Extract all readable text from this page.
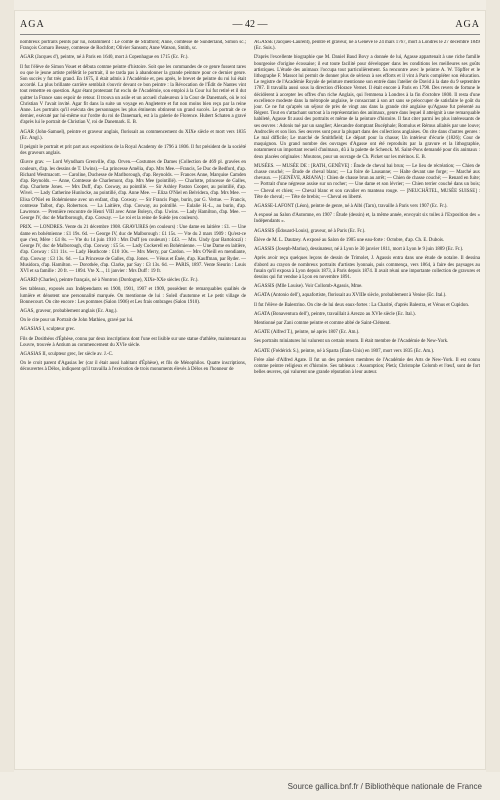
AGA	— 42 —	AGA

nombreux portraits peints par lui, notamment : Le comte de Strafford; Anne, comtesse de Sunderland, Simon sc.; François Cornaro Bessey, comtesse de Rochfort; Olivier Sansom; Anne Watson, Smith, sc.

AGAR (Jacques d'), peintre, né à Paris en 1640, mort à Copenhague en 1715 (Ec. Fr.).

Il fut l'élève de Simon Vouet et débuta comme peintre d'histoire. Soit que les commandes de ce genre fussent rares ou que le jeune artiste préférât le portrait, il ne tarda pas à abandonner la grande peinture pour ce dernier genre. Son succès y fut très grand. En 1675, il était admis à l'Académie et, peu après, le brevet de peintre du roi lui était accordé. La plus brillante carrière semblait s'ouvrir devant ce bon peintre : la Révocation de l'Édit de Nantes vint tout remettre en question. Agar étant protestant fut exclu de l'Académie, son emploi à la Cour lui fut retiré et il dut quitter la France sans espoir de retour. Il trouva un asile et un accueil chaleureux à la Cour de Danemark, où le roi Christian V l'avait invité. Agar fit dans la suite un voyage en Angleterre et fut non moins bien reçu par la reine Anne. Les portraits qu'il exécuta des personnages les plus éminents obtinrent un grand succès. Le portrait de ce dernier, exécuté par lui-même sur l'ordre du roi de Danemark, est à la galerie de Florence. Hubert Schaten a gravé d'après lui le portrait de Christian V, roi de Danemark. E. B.

AGAR (John-Samuel), peintre et graveur anglais, florissait au commencement du XIXe siècle et mort vers 1835 (Ec. Angl.).

Il peignit le portrait et prit part aux expositions de la Royal Academy de 1796 à 1806. Il fut président de la société des graveurs anglais.

Œuvre grav. — Lord Wyndham Grenville, d'ap. Orven.—Costumes de Dames (Collection de 469 pl. gravées en couleurs, d'ap. les dessins de T. Uwins).—La princesse Amélia, d'ap. Mrs Mee.—Francis, 5e Duc de Bedford, d'ap. Richard Westmacott. — Caroline, Duchesse de Marlborough, d'ap. Reynolds. — Frances Anne, Marquise Camden d'ap. Reynolds. — Anne, Comtesse de Charlemont, d'ap. Mrs Mee (pointillé). — Charlotte, princesse de Galles, d'ap. Charlotte Jones. — Mrs Duff, d'ap. Cosway, au pointillé. — Sir Ashley Paston Cooper, au pointillé, d'ap. Wivel. — Lady Catherine Hunlocke, au pointillé, d'ap. Anne Mee. — Eliza O'Niel en Belvidera, d'ap. Mrs Mee. — Elisa O'Niel en Bohémienne avec un enfant, d'ap. Cosway. — Sir Francis Page, burin, par G. Vertue. — Francis, comtesse Talbot, d'ap. Robertson. — La Laitière, d'ap. Cosway, au pointillé. — Eulalie H.-L., au burin, d'ap. Lawrence. — Première rencontre de Henri VIII avec Anne Boleyn, d'ap. Uwins. — Lady Hamilton, d'ap. Mee. — George IV, duc de Marlborough, d'ap. Cosway. — Le roi et la reine de Suède (en couleurs).

PRIX. — LONDRES. Vente du 21 décembre 1908. GRAVURES (en couleurs) : Une dame en laitière : £1. — Une dame en bohémienne : £1 19s. 6d. — George IV, duc de Malborough : £1 15s. — Vte du 2 mars 1909 : Qu'est-ce que c'est, Mère : £4 8s. — Vte du 14 juin 1910 : Mrs Duff (en couleurs) : £43. — Mrs. Undy (par Bartolozzi) : George IV, duc de Malborough, d'ap. Cosway : £5 5s. — Lady Cockerell en Bohémienne. — Une Dame en laitière, d'ap. Cosway : £11 11s. — Lady Heathcote : £10 10s. — Mrs Merry, par Cardon. — Mrs O'Neill en mendiante, d'ap. Cosway : £3 13s. 6d. — La Princesse de Galles, d'ap. Jones. — Vénus et Énée, d'ap. Kauffman, par Ryder. — Musidora, d'ap. Hamilton. — Dorothée, d'ap. Clarke, par Say : £3 13s. 6d. — PARIS, 1897. Vente Sieurin : Louis XVI et sa famille : 20 fr. — 1894. Vte X..., 11 janvier : Mrs Duff : 19 fr.

AGARD (Charles), peintre français, né à Nontron (Dordogne), XIXe-XXe siècles (Ec. Fr.).

Ses tableaux, exposés aux Indépendants en 1900, 1901, 1907 et 1909, possèdent de remarquables qualités de lumière et dénotent une personnalité marquée. On mentionne de lui : Soleil d'automne et Le petit village de Bonnecourt. On cite encore : Les pommes (Salon 1906) et Les frais ombrages (Salon 1910).

AGAS, graveur, probablement anglais (Ec. Ang.).

On le cite pour un Portrait de John Mathieu, gravé par lui.

AGASIAS I, sculpteur grec.

Fils de Dosithéos d'Éphèse, connu par deux inscriptions dont l'une est lisible sur une statue d'athlète, maintenant au Louvre, trouvée à Antium au commencement du XVIe siècle.

AGASIAS II, sculpteur grec, Ier siècle av. J.-C.

On le croit parent d'Agasias Ier (car il était aussi habitant d'Éphèse), et fils de Ménophilos. Quatre inscriptions, découvertes à Délos, indiquent qu'il travailla à l'exécution de trois monuments élevés à Délos en l'honneur de

AGASSE (Jacques-Laurent), peintre et graveur, né à Genève le 24 mars 1767, mort à Londres le 27 décembre 1849 (Ec. Suis.).

D'après l'excellente biographie que M. Daniel Baud Bovy a donnée de lui, Agasse appartenait à une riche famille bourgeoise d'origine écossaise; il eut toute facilité pour développer dans les conditions les meilleures ses goûts artistiques. L'étude des animaux l'occupa tout particulièrement. Sa rencontre avec le peintre A. W. Töpffer et le lithographe F. Massot lui permit de donner plus de sérieux à ses efforts et il vint à Paris compléter son éducation. Le registre de l'Académie Royale de peinture mentionne son entrée dans l'atelier de David à la date du 9 septembre 1787. Il travailla aussi sous la direction d'Horace Vernet. Il était encore à Paris en 1798. Des revers de fortune le décidèrent à accepter les offres d'un riche Anglais, qui l'emmena à Londres à la fin d'octobre 1800. Il resta d'une excellence modeste dans la métropole anglaise, le consacrant à son art sans se préoccuper de satisfaire le goût du jour. Ce ne fut qu'après un séjour de près de vingt ans dans la grande cité anglaise qu'Agasse fut présenté au Régent. Tout en s'attachant surtout à la représentation des animaux, genre dans lequel il atteignit à une remarquable habileté, Agasse fit aussi des portraits et même de la peinture d'histoire. Il faut citer parmi les plus intéressants de ses œuvres : Adonis tué par un sanglier; Alexandre domptant Bucéphale; Romulus et Rémus allaités par une louve; Androclès et son lion. Ses œuvres sont pour la plupart dans des collections anglaises. On cite dans d'autres genres : Le mal difficile; Le marché de Smithfield; Le départ pour la chasse; Un intérieur d'écurie (1826); Cour de maquignon. Un grand nombre des ouvrages d'Agasse ont été reproduits par la gravure et la lithographie, notamment un important recueil d'animaux, dû à la palette de Schenck. M. Saint-Pons demandé pour dix animaux : deux placées originales : Moutons, pour un ouvrage de Ch. Picket sur les mérinos. E. B.

MUSÉES. — MUSÉE DE : [RATH, GENÈVE] : Étude de cheval bai brun; — Le lieu de récréation; — Chien de chasse couché; — Étude de cheval blanc; — La foire de Lausanne; — Halte devant une forge; — Marché aux chevaux. — [GENÈVE, ARIANA] : Chien de chasse brun au arrêt; — Chien de chasse couché; — Renard en fuite; — Portrait d'une négresse assise sur un rocher; — Une dame et son lévrier; — Chien terrier couché dans un bois; — Cheval et chien; — Cheval blanc et son cavalier en manteau rouge. — [NEUCHÂTEL, MUSÉE SUISSE] : Tête de cheval; — Tête de brebis; — Cheval en liberté.

AGASSE-LAFONT (Léon), peintre de genre, né à Albi (Tarn), travaille à Paris vers 1907 (Ec. Fr.).

A exposé au Salon d'Automne, en 1907 : Étude (dessin) et, la même année, envoyait six toiles à l'Exposition des « Indépendants ».

AGASSIS (Édouard-Louis), graveur, né à Paris (Ec. Fr.).

Élève de M. L. Dautzey. A exposé au Salon de 1905 une eau-forte : Octobre, d'ap. Ch. E. Dubois.

AGASSIS (Joseph-Marius), dessinateur, né à Lyon le 30 janvier 1811, mort à Lyon le 9 juin 1889 (Ec. Fr.).

Après avoir reçu quelques leçons de dessin de Trimolet, J. Agassis entra dans une étude de notaire. Il dessina d'abord au crayon de nombreux portraits d'artistes lyonnais, puis commença, vers 1864, à faire des paysages au fusain qu'il exposa à Lyon depuis 1873, à Paris depuis 1874. Il avait réuni une importante collection de gravures et dessins qui fut vendue à Lyon en novembre 1891.

AGASSIS (Mlle Louise). Voir Collomb-Agassis, Mme.

AGATA (Antonio dell'), aquafortiste, florissait au XVIIIe siècle, probablement à Venise (Ec. Ital.).

Il fut l'élève de Balestrino. On cite de lui deux eaux-fortes : La Charité, d'après Balestra, et Vénus et Cupidon.

AGATA (Bonaventura dell'), peintre, travaillait à Arezzo au XVIe siècle (Ec. Ital.).

Mentionné par Zani comme peintre et comme abbé de Saint-Clément.

AGATE (Alfred T.), peintre, né après 1807 (Ec. Am.).

Ses portraits miniatures lui valurent un certain renom. Il était membre de l'Académie de New-York.

AGATE (Frédérick S.), peintre, né à Sparta (États-Unis) en 1807, mort vers 1835 (Ec. Am.).

Frère aîné d'Alfred Agate. Il fut un des premiers membres de l'Académie des Arts de New-York. Il est connu comme peintre religieux et d'histoire. Ses tableaux : Assomption; Pietà; Christophe Colomb et l'œuf, sont de fort belles œuvres, qui valurent une grande réputation à leur auteur.

Source gallica.bnf.fr / Bibliothèque nationale de France
